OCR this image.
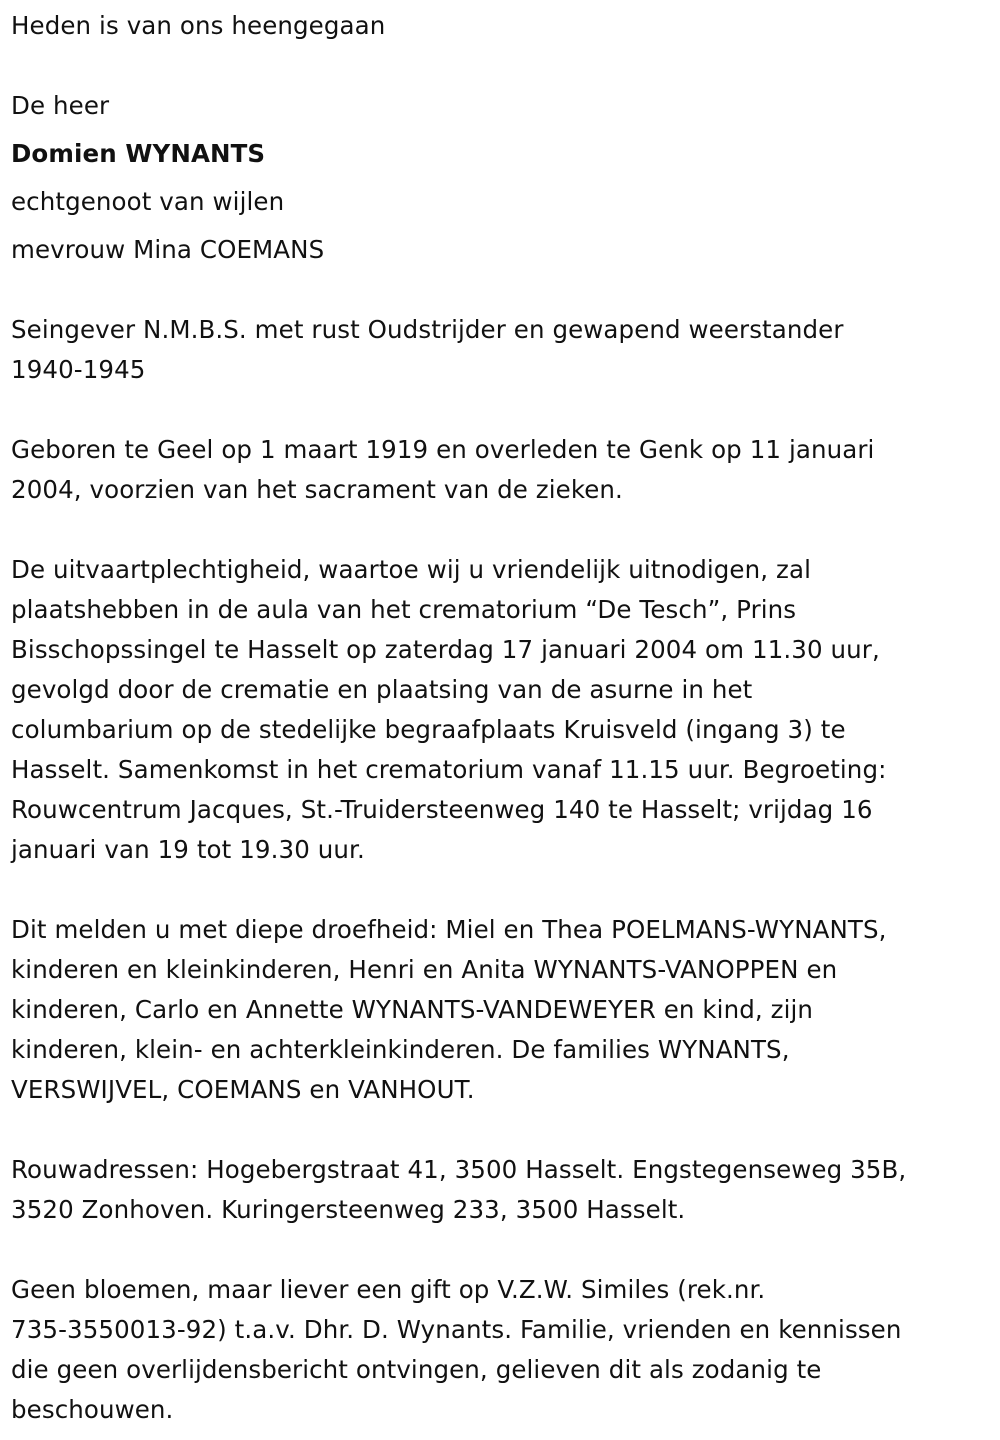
Heden is van ons heengegaan
De heer
Domien WYNANTS
echtgenoot van wijlen
mevrouw Mina COEMANS
Seingever N.M.B.S. met rust Oudstrijder en gewapend weerstander
1940-1945
Geboren te Geel op 1 maart 1919 en overleden te Genk op 11 januari
2004, voorzien van het sacrament van de zieken.
De uitvaartplechtigheid, waartoe wij u vriendelijk uitnodigen, zal
plaatshebben in de aula van het crematorium “De Tesch”, Prins
Bisschopssingel te Hasselt op zaterdag 17 januari 2004 om 11.30 uur,
gevolgd door de crematie en plaatsing van de asurne in het
columbarium op de stedelijke begraafplaats Kruisveld (ingang 3) te
Hasselt. Samenkomst in het crematorium vanaf 11.15 uur. Begroeting:
Rouwcentrum Jacques, St.-Truidersteenweg 140 te Hasselt; vrijdag 16
januari van 19 tot 19.30 uur.
Dit melden u met diepe droefheid: Miel en Thea POELMANS-WYNANTS,
kinderen en kleinkinderen, Henri en Anita WYNANTS-VANOPPEN en
kinderen, Carlo en Annette WYNANTS-VANDEWEYER en kind, zijn
kinderen, klein- en achterkleinkinderen. De families WYNANTS,
VERSWIJVEL, COEMANS en VANHOUT.
Rouwadressen: Hogebergstraat 41, 3500 Hasselt. Engstegenseweg 35B,
3520 Zonhoven. Kuringersteenweg 233, 3500 Hasselt.
Geen bloemen, maar liever een gift op V.Z.W. Similes (rek.nr.
735-3550013-92) t.a.v. Dhr. D. Wynants. Familie, vrienden en kennissen
die geen overlijdensbericht ontvingen, gelieven dit als zodanig te
beschouwen.
